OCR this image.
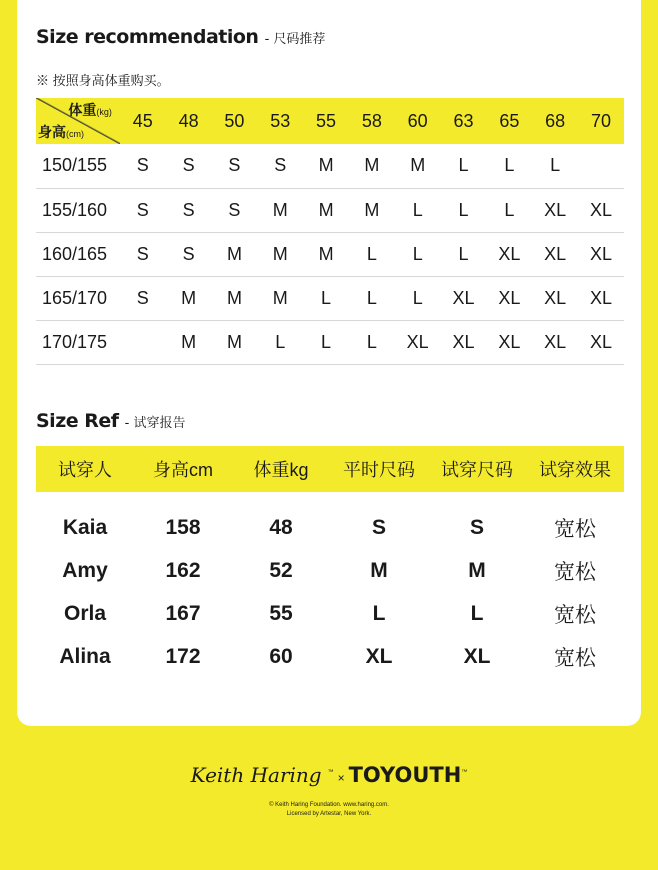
Size recommendation - 尺码推荐
※ 按照身高体重购买。
体重(kg)
身高(cm)	45	48	50	53	55	58	60	63	65	68	70
150/155	S	S	S	S	M	M	M	L	L	L	
155/160	S	S	S	M	M	M	L	L	L	XL	XL
160/165	S	S	M	M	M	L	L	L	XL	XL	XL
165/170	S	M	M	M	L	L	L	XL	XL	XL	XL
170/175		M	M	L	L	L	XL	XL	XL	XL	XL
Size Ref - 试穿报告
试穿人	身高cm	体重kg	平时尺码	试穿尺码	试穿效果

Kaia	158	48	S	S	宽松
Amy	162	52	M	M	宽松
Orla	167	55	L	L	宽松
Alina	172	60	XL	XL	宽松
Keith Haring ™ × TOYOUTH™
© Keith Haring Foundation. www.haring.com.
Licensed by Artestar, New York.
